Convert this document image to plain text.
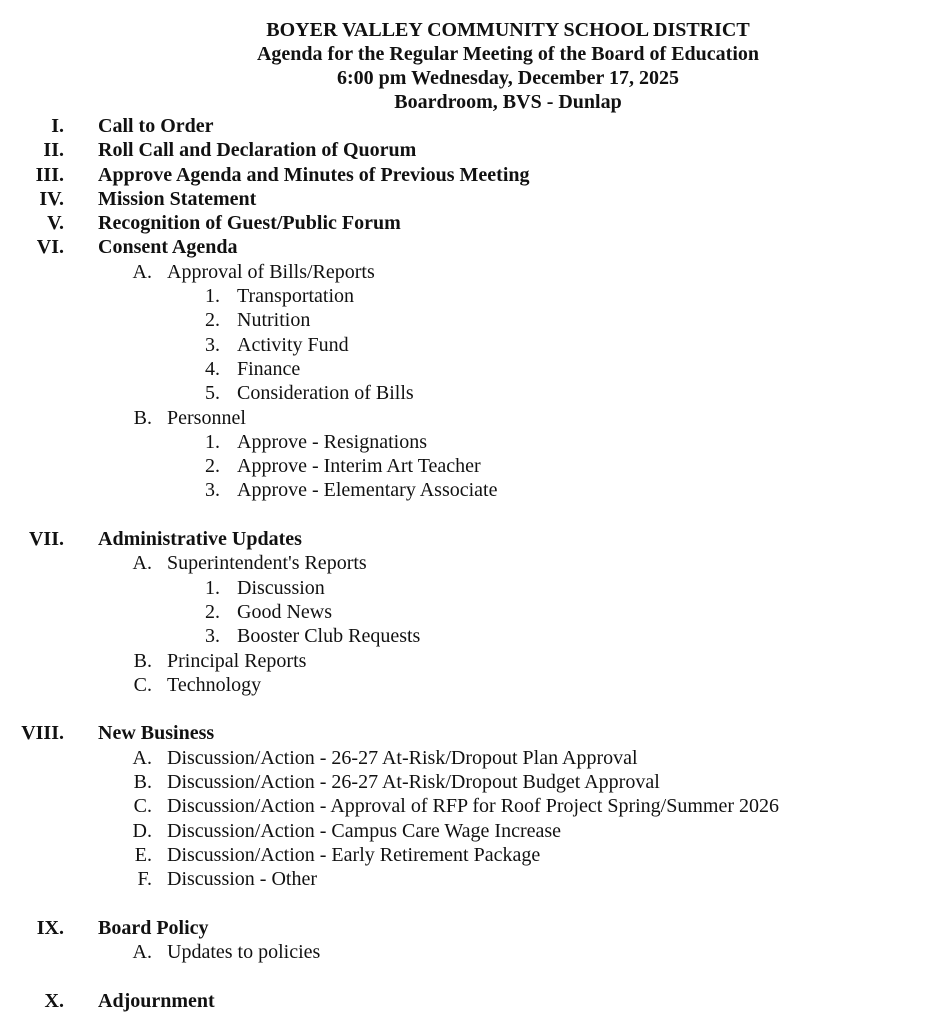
BOYER VALLEY COMMUNITY SCHOOL DISTRICT
Agenda for the Regular Meeting of the Board of Education
6:00 pm Wednesday, December 17, 2025
Boardroom, BVS - Dunlap
I. Call to Order
II. Roll Call and Declaration of Quorum
III. Approve Agenda and Minutes of Previous Meeting
IV. Mission Statement
V. Recognition of Guest/Public Forum
VI. Consent Agenda
A. Approval of Bills/Reports
1. Transportation
2. Nutrition
3. Activity Fund
4. Finance
5. Consideration of Bills
B. Personnel
1. Approve - Resignations
2. Approve - Interim Art Teacher
3. Approve - Elementary Associate
VII. Administrative Updates
A. Superintendent's Reports
1. Discussion
2. Good News
3. Booster Club Requests
B. Principal Reports
C. Technology
VIII. New Business
A. Discussion/Action - 26-27 At-Risk/Dropout Plan Approval
B. Discussion/Action - 26-27 At-Risk/Dropout Budget Approval
C. Discussion/Action - Approval of RFP for Roof Project Spring/Summer 2026
D. Discussion/Action - Campus Care Wage Increase
E. Discussion/Action - Early Retirement Package
F. Discussion - Other
IX. Board Policy
A. Updates to policies
X. Adjournment
